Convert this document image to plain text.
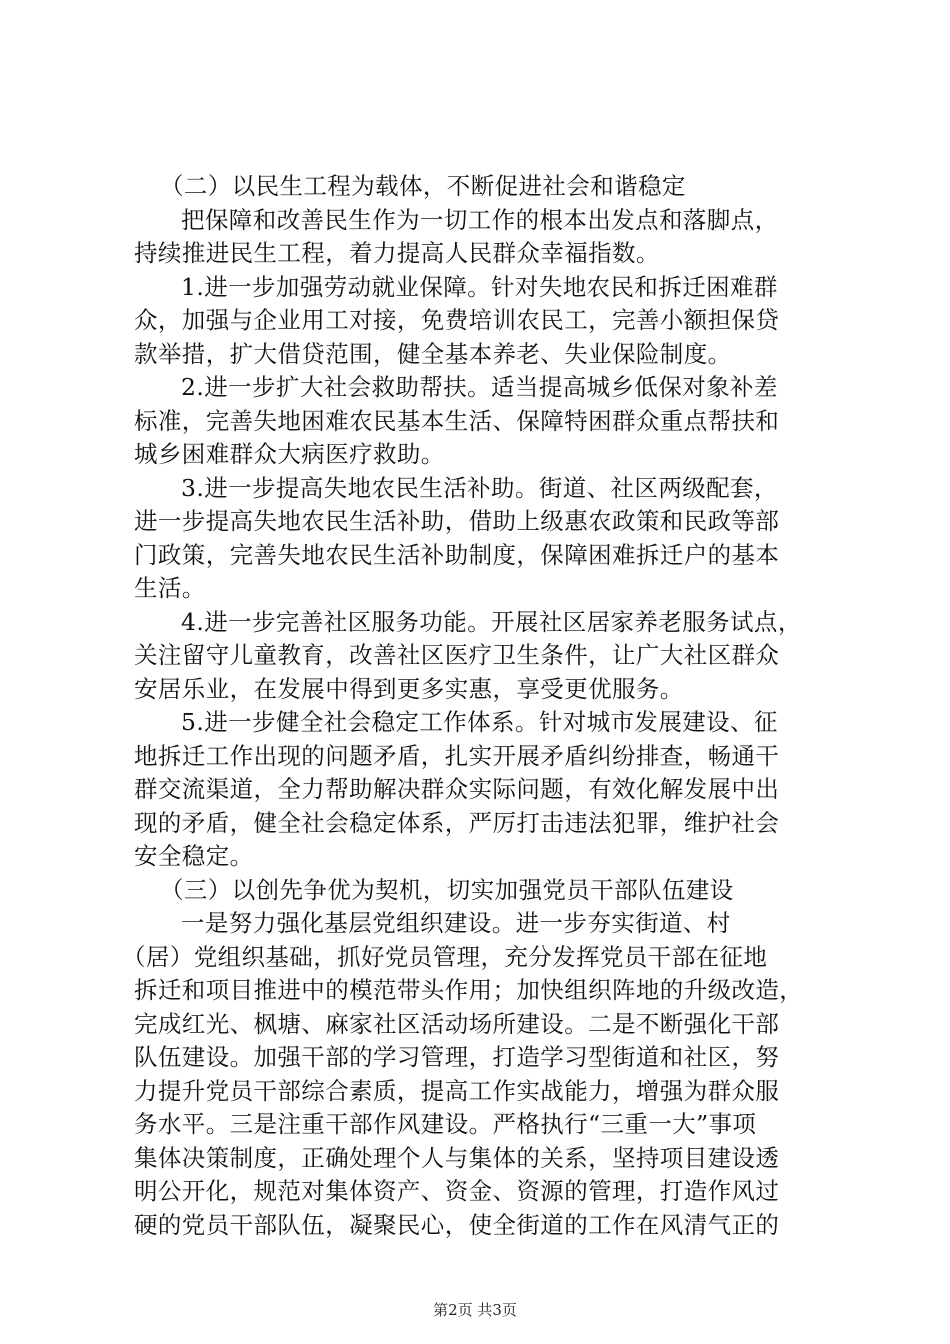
（二）以民生工程为载体，不断促进社会和谐稳定
把保障和改善民生作为一切工作的根本出发点和落脚点，
持续推进民生工程，着力提高人民群众幸福指数。
1.进一步加强劳动就业保障。针对失地农民和拆迁困难群
众，加强与企业用工对接，免费培训农民工，完善小额担保贷
款举措，扩大借贷范围，健全基本养老、失业保险制度。
2.进一步扩大社会救助帮扶。适当提高城乡低保对象补差
标准，完善失地困难农民基本生活、保障特困群众重点帮扶和
城乡困难群众大病医疗救助。
3.进一步提高失地农民生活补助。街道、社区两级配套，
进一步提高失地农民生活补助，借助上级惠农政策和民政等部
门政策，完善失地农民生活补助制度，保障困难拆迁户的基本
生活。
4.进一步完善社区服务功能。开展社区居家养老服务试点，
关注留守儿童教育，改善社区医疗卫生条件，让广大社区群众
安居乐业，在发展中得到更多实惠，享受更优服务。
5.进一步健全社会稳定工作体系。针对城市发展建设、征
地拆迁工作出现的问题矛盾，扎实开展矛盾纠纷排查，畅通干
群交流渠道，全力帮助解决群众实际问题，有效化解发展中出
现的矛盾，健全社会稳定体系，严厉打击违法犯罪，维护社会
安全稳定。
（三）以创先争优为契机，切实加强党员干部队伍建设
一是努力强化基层党组织建设。进一步夯实街道、村
（居）党组织基础，抓好党员管理，充分发挥党员干部在征地
拆迁和项目推进中的模范带头作用；加快组织阵地的升级改造，
完成红光、枫塘、麻家社区活动场所建设。二是不断强化干部
队伍建设。加强干部的学习管理，打造学习型街道和社区，努
力提升党员干部综合素质，提高工作实战能力，增强为群众服
务水平。三是注重干部作风建设。严格执行“三重一大”事项
集体决策制度，正确处理个人与集体的关系，坚持项目建设透
明公开化，规范对集体资产、资金、资源的管理，打造作风过
硬的党员干部队伍，凝聚民心，使全街道的工作在风清气正的
第2页 共3页
